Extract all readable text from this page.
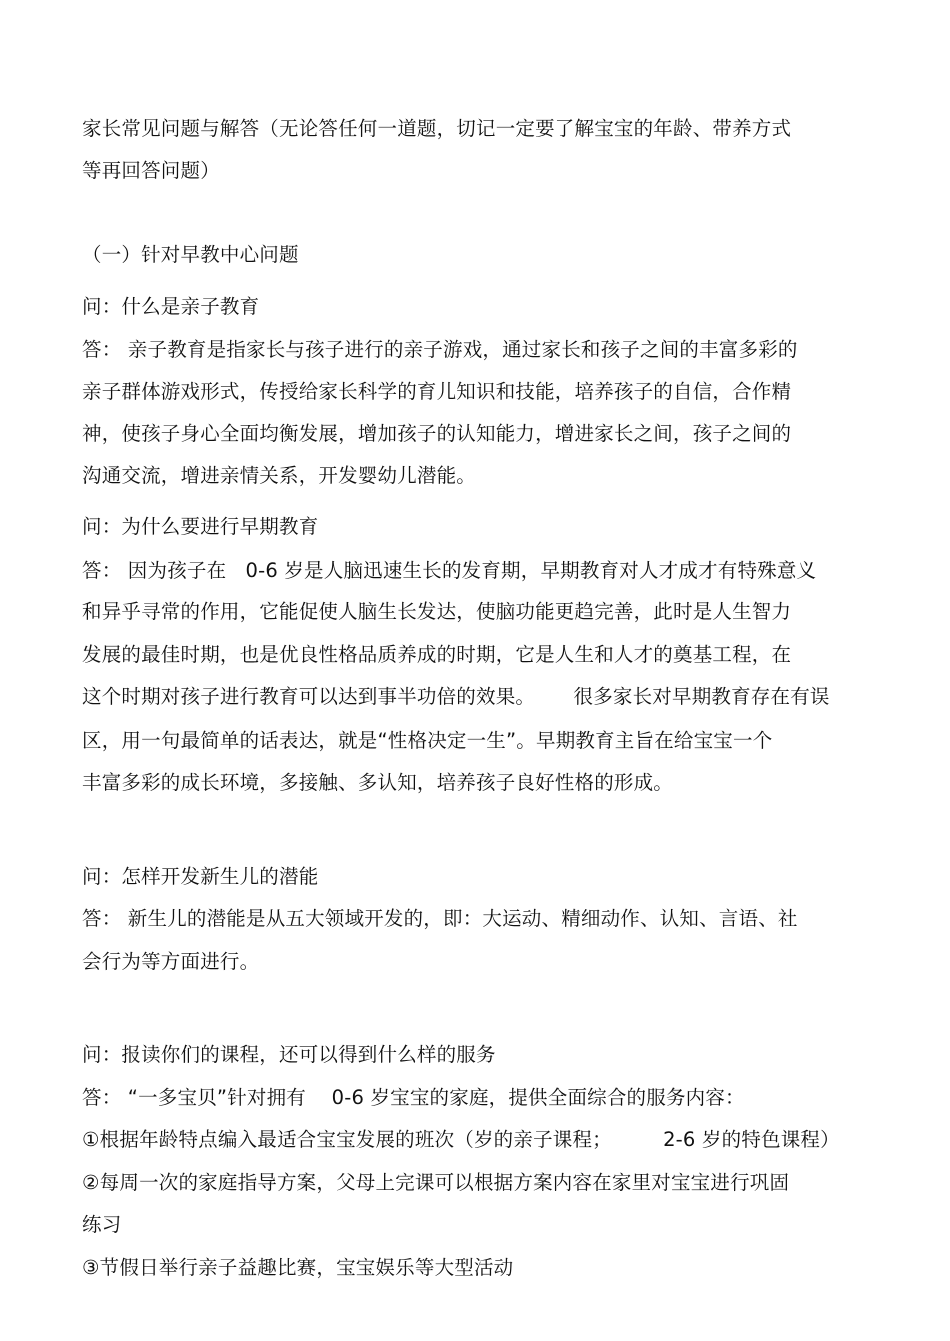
家长常见问题与解答（无论答任何一道题，切记一定要了解宝宝的年龄、带养方式

等再回答问题）

（一）针对早教中心问题

问：什么是亲子教育

答： 亲子教育是指家长与孩子进行的亲子游戏，通过家长和孩子之间的丰富多彩的

亲子群体游戏形式，传授给家长科学的育儿知识和技能，培养孩子的自信，合作精

神，使孩子身心全面均衡发展，增加孩子的认知能力，增进家长之间，孩子之间的

沟通交流，增进亲情关系，开发婴幼儿潜能。

问：为什么要进行早期教育

答： 因为孩子在   0-6 岁是人脑迅速生长的发育期，早期教育对人才成才有特殊意义

和异乎寻常的作用，它能促使人脑生长发达，使脑功能更趋完善，此时是人生智力

发展的最佳时期，也是优良性格品质养成的时期，它是人生和人才的奠基工程，在

这个时期对孩子进行教育可以达到事半功倍的效果。      很多家长对早期教育存在有误

区，用一句最简单的话表达，就是“性格决定一生”。早期教育主旨在给宝宝一个

丰富多彩的成长环境，多接触、多认知，培养孩子良好性格的形成。

问：怎样开发新生儿的潜能

答： 新生儿的潜能是从五大领域开发的，即：大运动、精细动作、认知、言语、社

会行为等方面进行。

问：报读你们的课程，还可以得到什么样的服务

答： “一多宝贝”针对拥有    0-6 岁宝宝的家庭，提供全面综合的服务内容：

①根据年龄特点编入最适合宝宝发展的班次（岁的亲子课程；        2-6 岁的特色课程）

②每周一次的家庭指导方案，父母上完课可以根据方案内容在家里对宝宝进行巩固

练习

③节假日举行亲子益趣比赛，宝宝娱乐等大型活动
